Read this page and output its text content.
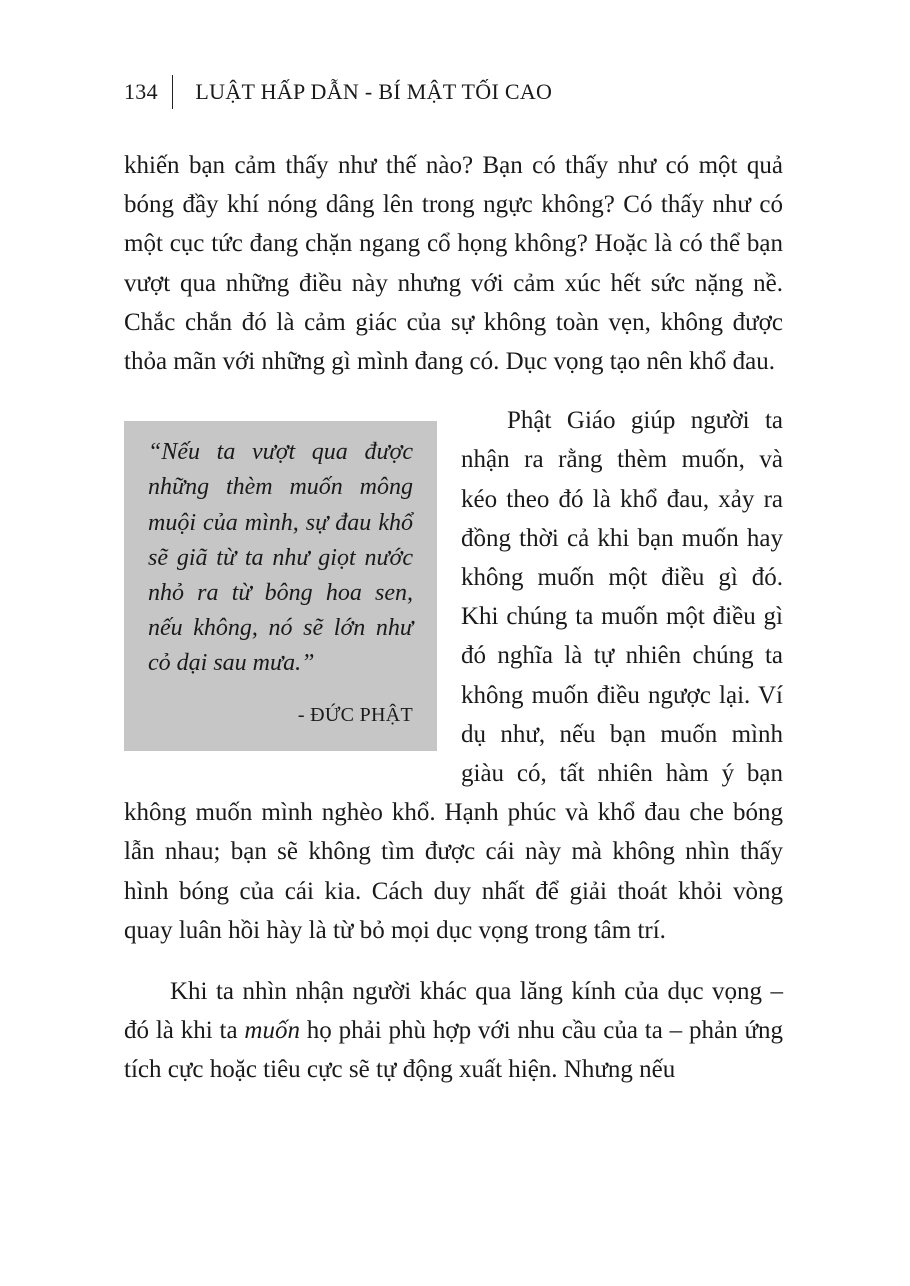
134	LUẬT HẤP DẪN - BÍ MẬT TỐI CAO

khiến bạn cảm thấy như thế nào? Bạn có thấy như có một quả bóng đầy khí nóng dâng lên trong ngực không? Có thấy như có một cục tức đang chặn ngang cổ họng không? Hoặc là có thể bạn vượt qua những điều này nhưng với cảm xúc hết sức nặng nề. Chắc chắn đó là cảm giác của sự không toàn vẹn, không được thỏa mãn với những gì mình đang có. Dục vọng tạo nên khổ đau.

“Nếu ta vượt qua được những thèm muốn mông muội của mình, sự đau khổ sẽ giã từ ta như giọt nước nhỏ ra từ bông hoa sen, nếu không, nó sẽ lớn như cỏ dại sau mưa.”

- ĐỨC PHẬT

Phật Giáo giúp người ta nhận ra rằng thèm muốn, và kéo theo đó là khổ đau, xảy ra đồng thời cả khi bạn muốn hay không muốn một điều gì đó. Khi chúng ta muốn một điều gì đó nghĩa là tự nhiên chúng ta không muốn điều ngược lại. Ví dụ như, nếu bạn muốn mình giàu có, tất nhiên hàm ý bạn không muốn mình nghèo khổ. Hạnh phúc và khổ đau che bóng lẫn nhau; bạn sẽ không tìm được cái này mà không nhìn thấy hình bóng của cái kia. Cách duy nhất để giải thoát khỏi vòng quay luân hồi hày là từ bỏ mọi dục vọng trong tâm trí.

Khi ta nhìn nhận người khác qua lăng kính của dục vọng – đó là khi ta muốn họ phải phù hợp với nhu cầu của ta – phản ứng tích cực hoặc tiêu cực sẽ tự động xuất hiện. Nhưng nếu
